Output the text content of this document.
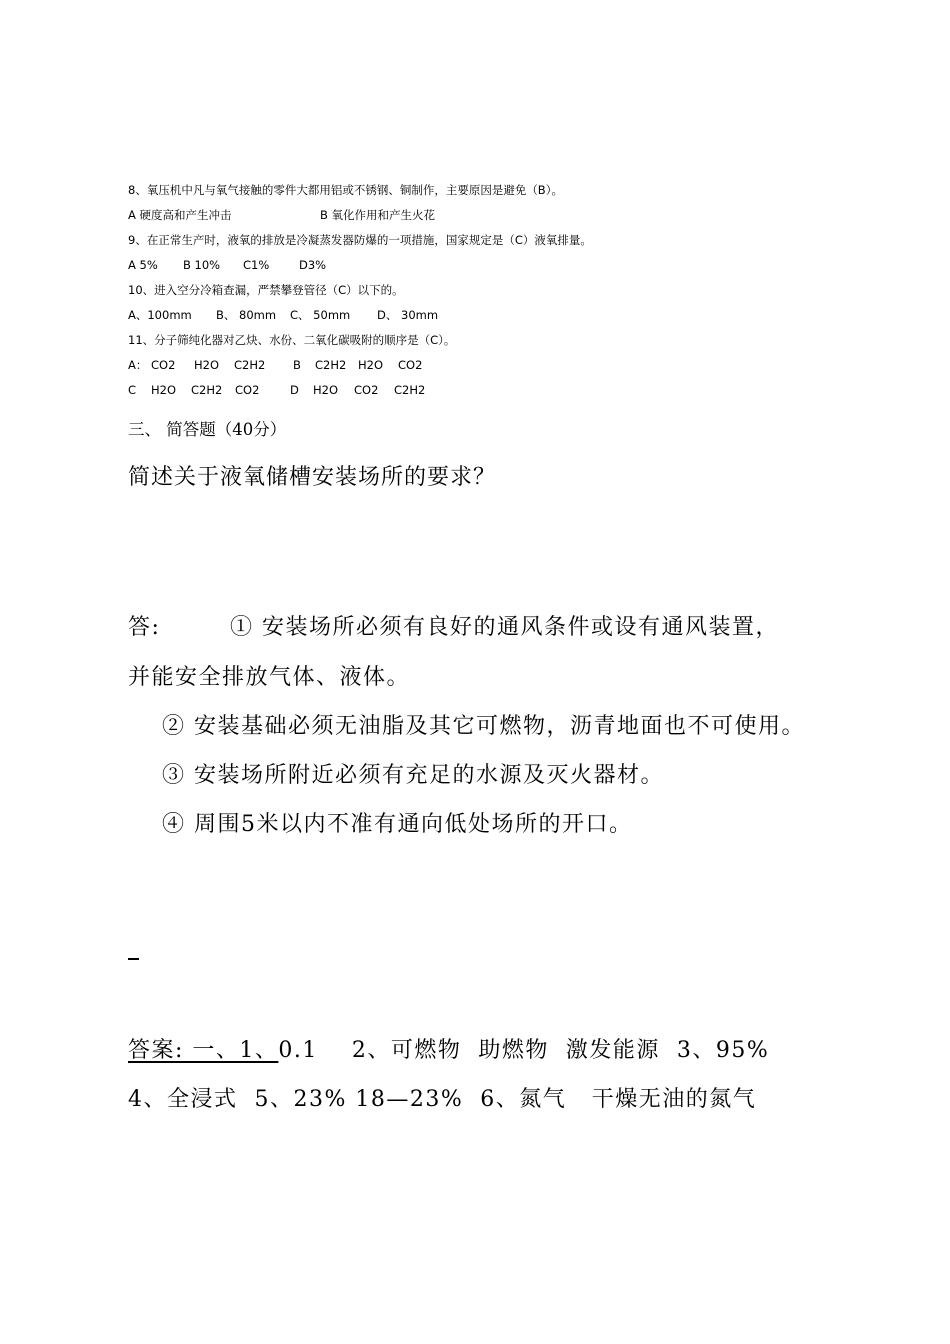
8、氧压机中凡与氧气接触的零件大都用铝或不锈钢、铜制作，主要原因是避免（B）。
A 硬度高和产生冲击	B 氧化作用和产生火花
9、在正常生产时，液氧的排放是冷凝蒸发器防爆的一项措施，国家规定是（C）液氧排量。
A 5% B 10% C1%	D3%
10、进入空分冷箱查漏，严禁攀登管径（C）以下的。
A、100mm B、 80mm C、 50mm D、 30mm
11、分子筛纯化器对乙炔、水份、二氧化碳吸附的顺序是（C）。
A： CO2 H2O C2H2 B C2H2 H2O CO2
C H2O C2H2 CO2	D H2O CO2 C2H2
三、 简答题（40分）
简述关于液氧储槽安装场所的要求？
答:	① 安装场所必须有良好的通风条件或设有通风装置，
并能安全排放气体、液体。
② 安装基础必须无油脂及其它可燃物，沥青地面也不可使用。
③ 安装场所附近必须有充足的水源及灭火器材。
④ 周围5米以内不准有通向低处场所的开口。
答案: 一、1、0.1    2、可燃物  助燃物  激发能源  3、95%
4、全浸式  5、23% 18—23%  6、氮气   干燥无油的氮气
